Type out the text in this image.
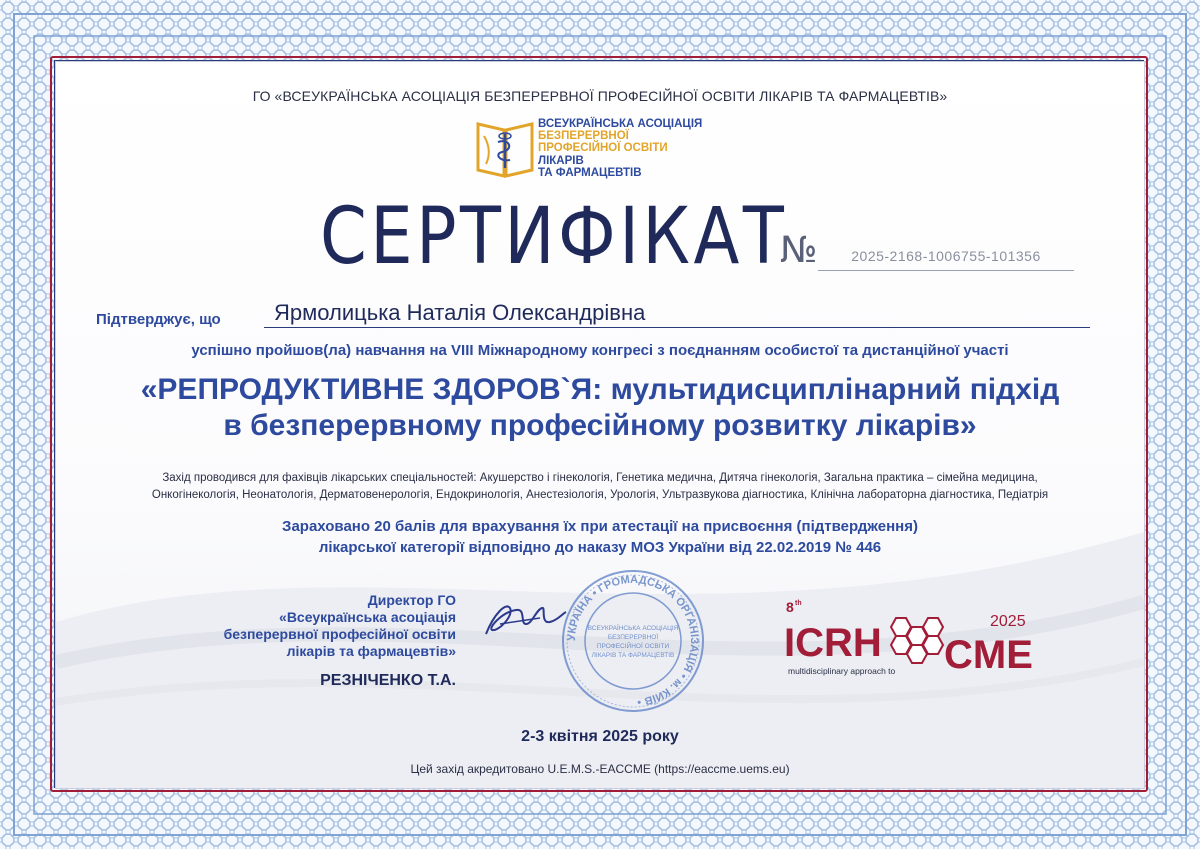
ГО «ВСЕУКРАЇНСЬКА АСОЦІАЦІЯ БЕЗПЕРЕРВНОЇ ПРОФЕСІЙНОЇ ОСВІТИ ЛІКАРІВ ТА ФАРМАЦЕВТІВ»
ВСЕУКРАЇНСЬКА АСОЦІАЦІЯ
БЕЗПЕРЕРВНОЇ
ПРОФЕСІЙНОЇ ОСВІТИ
ЛІКАРІВ
ТА ФАРМАЦЕВТІВ
СЕРТИФІКАТ
№	2025-2168-1006755-101356
Підтверджує, що	Ярмолицька Наталія Олександрівна
успішно пройшов(ла) навчання на VIII Міжнародному конгресі з поєднанням особистої та дистанційної участі
«РЕПРОДУКТИВНЕ ЗДОРОВ`Я: мультидисциплінарний підхід
в безперервному професійному розвитку лікарів»
Захід проводився для фахівців лікарських спеціальностей: Акушерство і гінекологія, Генетика медична, Дитяча гінекологія, Загальна практика – сімейна медицина,
Онкогінекологія, Неонатологія, Дерматовенерологія, Ендокринологія, Анестезіологія, Урологія, Ультразвукова діагностика, Клінічна лабораторна діагностика, Педіатрія
Зараховано 20 балів для врахування їх при атестації на присвоєння (підтвердження)
лікарської категорії відповідно до наказу МОЗ України від 22.02.2019 № 446
Директор ГО
«Всеукраїнська асоціація
безперервної професійної освіти
лікарів та фармацевтів»
РЕЗНІЧЕНКО Т.А.
УКРАЇНА • ГРОМАДСЬКА ОРГАНІЗАЦІЯ • м. КИЇВ •
ВСЕУКРАЇНСЬКА АСОЦІАЦІЯ
БЕЗПЕРЕРВНОЇ
ПРОФЕСІЙНОЇ ОСВІТИ
ЛІКАРІВ ТА ФАРМАЦЕВТІВ
8 th
2025
ICRH CME
multidisciplinary approach to
2-3 квітня 2025 року
Цей захід акредитовано U.E.M.S.-EACCME (https://eaccme.uems.eu)
